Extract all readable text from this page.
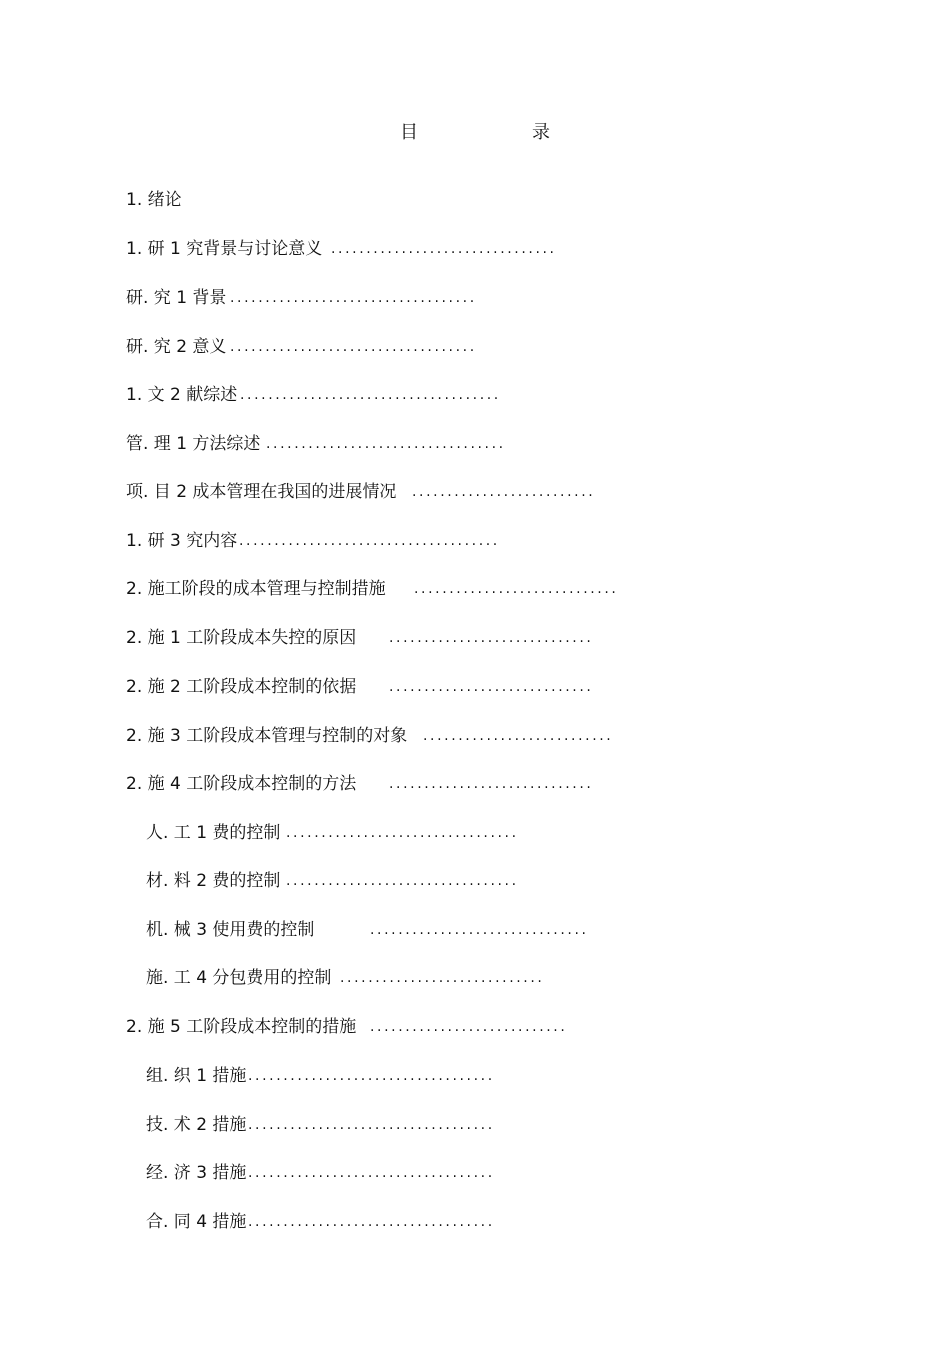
目　录
1. 绪论
1. 研 1 究背景与讨论意义 ................................
研. 究 1 背景 ...................................
研. 究 2 意义 ...................................
1. 文 2 献综述 .....................................
管. 理 1 方法综述 ..................................
项. 目 2 成本管理在我国的进展情况 ..........................
1. 研 3 究内容 .....................................
2. 施工阶段的成本管理与控制措施 .............................
2. 施 1 工阶段成本失控的原因 .............................
2. 施 2 工阶段成本控制的依据 .............................
2. 施 3 工阶段成本管理与控制的对象 ...........................
2. 施 4 工阶段成本控制的方法 .............................
人. 工 1 费的控制 .................................
材. 料 2 费的控制 .................................
机. 械 3 使用费的控制	...............................
施. 工 4 分包费用的控制 .............................
2. 施 5 工阶段成本控制的措施 ............................
组. 织 1 措施 ...................................
技. 术 2 措施 ...................................
经. 济 3 措施 ...................................
合. 同 4 措施 ...................................
